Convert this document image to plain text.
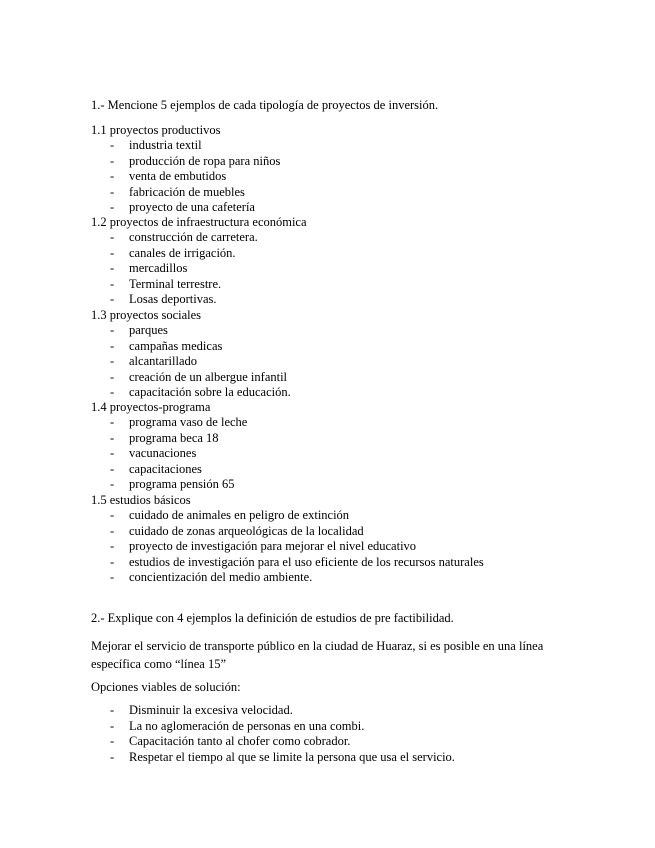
1.- Mencione 5 ejemplos de cada tipología de proyectos de inversión.
1.1 proyectos productivos
- industria textil
- producción de ropa para niños
- venta de embutidos
- fabricación de muebles
- proyecto de una cafetería
1.2 proyectos de infraestructura económica
- construcción de carretera.
- canales de irrigación.
- mercadillos
- Terminal terrestre.
- Losas deportivas.
1.3 proyectos sociales
- parques
- campañas medicas
- alcantarillado
- creación de un albergue infantil
- capacitación sobre la educación.
1.4 proyectos-programa
- programa vaso de leche
- programa beca 18
- vacunaciones
- capacitaciones
- programa pensión 65
1.5 estudios básicos
- cuidado de animales en peligro de extinción
- cuidado de zonas arqueológicas de la localidad
- proyecto de investigación para mejorar el nivel educativo
- estudios de investigación para el uso eficiente de los recursos naturales
- concientización del medio ambiente.
2.- Explique con 4 ejemplos la definición de estudios de pre factibilidad.
Mejorar el servicio de transporte público en la ciudad de Huaraz, si es posible en una línea específica como “línea 15”
Opciones viables de solución:
- Disminuir la excesiva velocidad.
- La no aglomeración de personas en una combi.
- Capacitación tanto al chofer como cobrador.
- Respetar el tiempo al que se limite la persona que usa el servicio.
